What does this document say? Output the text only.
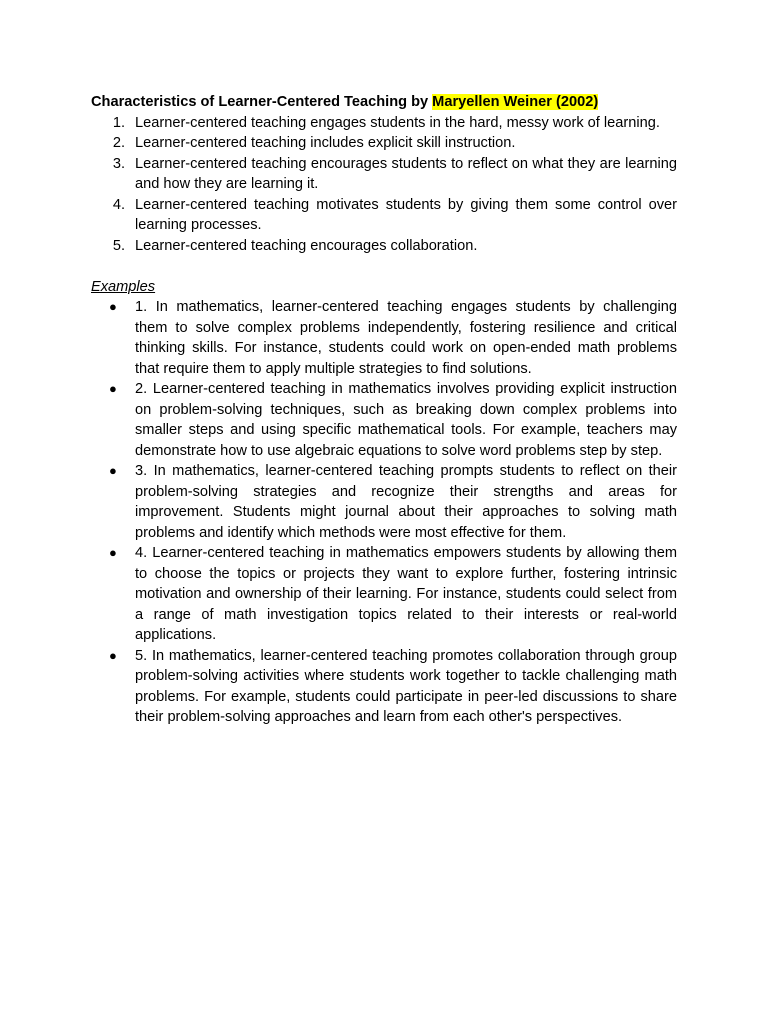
Characteristics of Learner-Centered Teaching by Maryellen Weiner (2002)

1. Learner-centered teaching engages students in the hard, messy work of learning.
2. Learner-centered teaching includes explicit skill instruction.
3. Learner-centered teaching encourages students to reflect on what they are learning and how they are learning it.
4. Learner-centered teaching motivates students by giving them some control over learning processes.
5. Learner-centered teaching encourages collaboration.

Examples

● 1. In mathematics, learner-centered teaching engages students by challenging them to solve complex problems independently, fostering resilience and critical thinking skills. For instance, students could work on open-ended math problems that require them to apply multiple strategies to find solutions.
● 2. Learner-centered teaching in mathematics involves providing explicit instruction on problem-solving techniques, such as breaking down complex problems into smaller steps and using specific mathematical tools. For example, teachers may demonstrate how to use algebraic equations to solve word problems step by step.
● 3. In mathematics, learner-centered teaching prompts students to reflect on their problem-solving strategies and recognize their strengths and areas for improvement. Students might journal about their approaches to solving math problems and identify which methods were most effective for them.
● 4. Learner-centered teaching in mathematics empowers students by allowing them to choose the topics or projects they want to explore further, fostering intrinsic motivation and ownership of their learning. For instance, students could select from a range of math investigation topics related to their interests or real-world applications.
● 5. In mathematics, learner-centered teaching promotes collaboration through group problem-solving activities where students work together to tackle challenging math problems. For example, students could participate in peer-led discussions to share their problem-solving approaches and learn from each other's perspectives.
